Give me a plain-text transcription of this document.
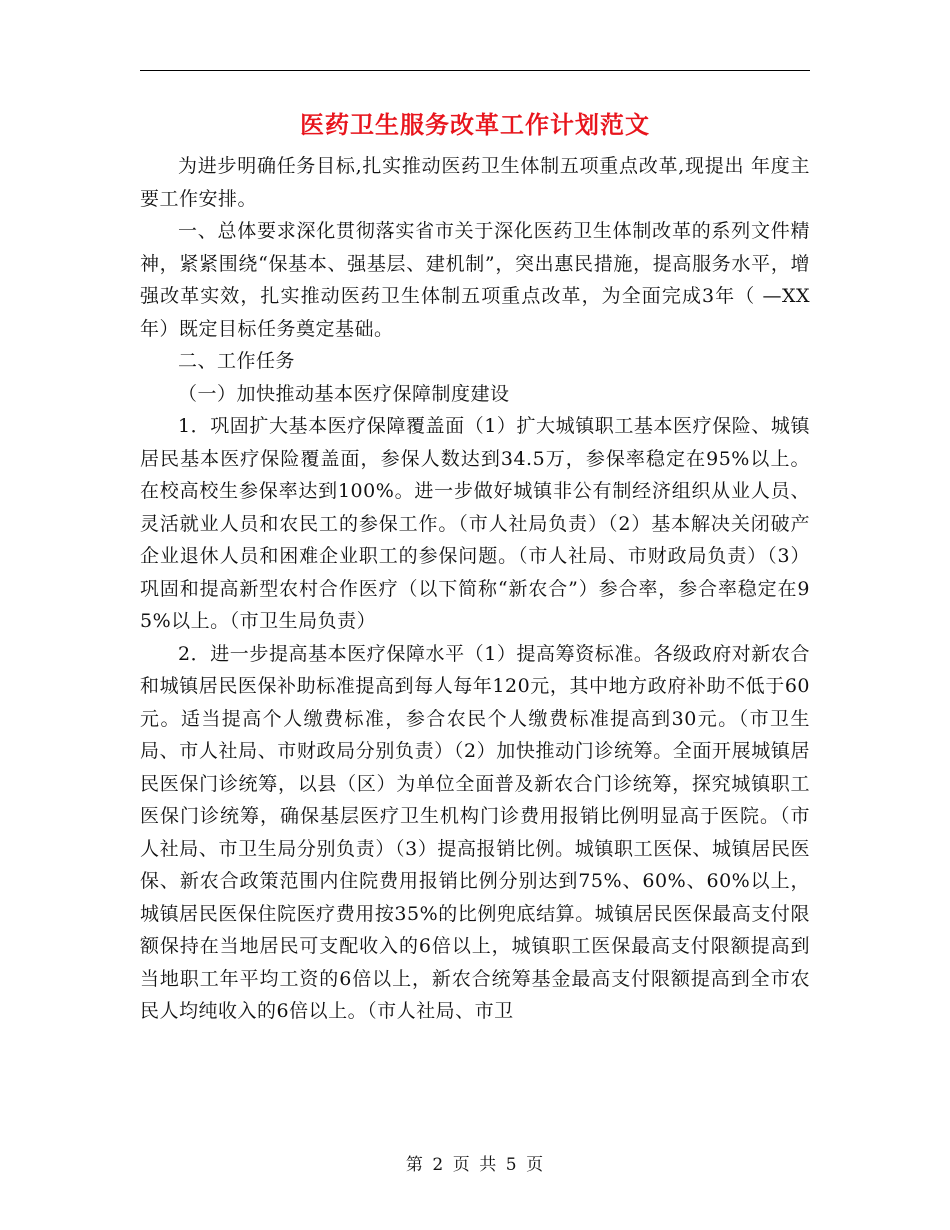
医药卫生服务改革工作计划范文

为进步明确任务目标,扎实推动医药卫生体制五项重点改革,现提出 年度主要工作安排。

一、总体要求深化贯彻落实省市关于深化医药卫生体制改革的系列文件精神，紧紧围绕“保基本、强基层、建机制”，突出惠民措施，提高服务水平，增强改革实效，扎实推动医药卫生体制五项重点改革，为全面完成3年（ —XX年）既定目标任务奠定基础。

二、工作任务

（一）加快推动基本医疗保障制度建设

1．巩固扩大基本医疗保障覆盖面（1）扩大城镇职工基本医疗保险、城镇居民基本医疗保险覆盖面，参保人数达到34.5万，参保率稳定在95%以上。在校高校生参保率达到100%。进一步做好城镇非公有制经济组织从业人员、灵活就业人员和农民工的参保工作。（市人社局负责）（2）基本解决关闭破产企业退休人员和困难企业职工的参保问题。（市人社局、市财政局负责）（3）巩固和提高新型农村合作医疗（以下简称“新农合”）参合率，参合率稳定在95%以上。（市卫生局负责）

2．进一步提高基本医疗保障水平（1）提高筹资标准。各级政府对新农合和城镇居民医保补助标准提高到每人每年120元，其中地方政府补助不低于60元。适当提高个人缴费标准，参合农民个人缴费标准提高到30元。（市卫生局、市人社局、市财政局分别负责）（2）加快推动门诊统筹。全面开展城镇居民医保门诊统筹，以县（区）为单位全面普及新农合门诊统筹，探究城镇职工医保门诊统筹，确保基层医疗卫生机构门诊费用报销比例明显高于医院。（市人社局、市卫生局分别负责）（3）提高报销比例。城镇职工医保、城镇居民医保、新农合政策范围内住院费用报销比例分别达到75%、60%、60%以上，城镇居民医保住院医疗费用按35%的比例兜底结算。城镇居民医保最高支付限额保持在当地居民可支配收入的6倍以上，城镇职工医保最高支付限额提高到当地职工年平均工资的6倍以上，新农合统筹基金最高支付限额提高到全市农民人均纯收入的6倍以上。（市人社局、市卫

第 2 页 共 5 页
